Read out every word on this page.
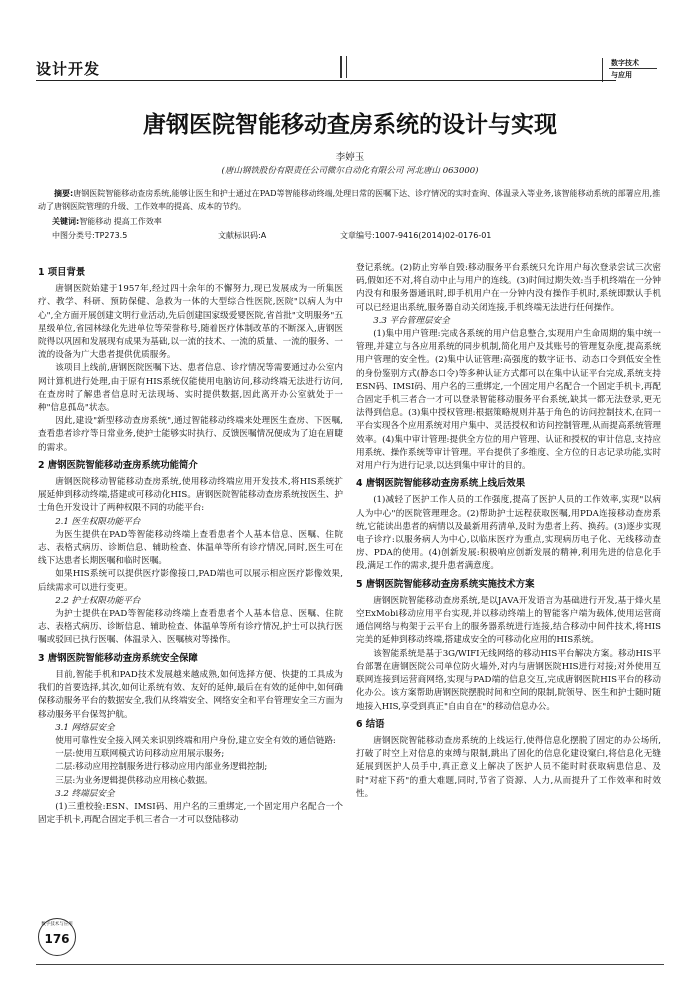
设计开发	数字技术
与应用
唐钢医院智能移动查房系统的设计与实现
李婷玉
(唐山钢铁股份有限责任公司微尔自动化有限公司 河北唐山 063000)
摘要:唐钢医院智能移动查房系统,能够让医生和护士通过在PAD等智能移动终端,处理日常的医嘱下达、诊疗情况的实时查询、体温录入等业务,该智能移动系统的部署应用,推动了唐钢医院管理的升级、工作效率的提高、成本的节约。
关键词:智能移动 提高工作效率
中图分类号:TP273.5	文献标识码:A	文章编号:1007-9416(2014)02-0176-01
1 项目背景

唐钢医院始建于1957年,经过四十余年的不懈努力,现已发展成为一所集医疗、教学、科研、预防保健、急救为一体的大型综合性医院,医院"以病人为中心",全方面开展创建文明行业活动,先后创建国家级爱婴医院,省首批"文明服务"五星级单位,省园林绿化先进单位等荣誉称号,随着医疗体制改革的不断深入,唐钢医院得以巩固和发展现有成果为基础,以一流的技术、一流的质量、一流的服务、一流的设备为广大患者提供优质服务。

该项目上线前,唐钢医院医嘱下达、患者信息、诊疗情况等需要通过办公室内网计算机进行处理,由于原有HIS系统仅能使用电脑访问,移动终端无法进行访问,在查房时了解患者信息时无法现场、实时提供数据,因此离开办公室就处于一种"信息孤岛"状态。

因此,建设"新型移动查房系统",通过智能移动终端来处理医生查房、下医嘱,查看患者诊疗等日常业务,使护士能够实时执行、反馈医嘱情况便成为了迫在眉睫的需求。

2 唐钢医院智能移动查房系统功能简介

唐钢医院移动智能移动查房系统,使用移动终端应用开发技术,将HIS系统扩展延伸到移动终端,搭建或可移动化HIS。唐钢医院智能移动查房系统按医生、护士角色开发设计了两种权限不同的功能平台:

2.1 医生权限功能平台

为医生提供在PAD等智能移动终端上查看患者个人基本信息、医嘱、住院志、表格式病历、诊断信息、辅助检查、体温单等所有诊疗情况,同时,医生可在线下达患者长期医嘱和临时医嘱。

如果HIS系统可以提供医疗影像接口,PAD端也可以展示相应医疗影像效果,后续需求可以进行变更。

2.2 护士权限功能平台

为护士提供在PAD等智能移动终端上查看患者个人基本信息、医嘱、住院志、表格式病历、诊断信息、辅助检查、体温单等所有诊疗情况,护士可以执行医嘱或驳回已执行医嘱、体温录入、医嘱核对等操作。

3 唐钢医院智能移动查房系统安全保障

目前,智能手机和PAD技术发展越来越成熟,如何选择方便、快捷的工具成为我们的首要选择,其次,如何让系统有效、友好的延伸,最后在有效的延伸中,如何确保移动服务平台的数据安全,我们从终端安全、网络安全和平台管理安全三方面为移动服务平台保驾护航。

3.1 网络层安全

使用可靠性安全接入网关来识别终端和用户身份,建立安全有效的通信链路:

一层:使用互联网模式访问移动应用展示服务;

二层:移动应用控制服务进行移动应用内部业务逻辑控制;

三层:为业务逻辑提供移动应用核心数据。

3.2 终端层安全

(1)三重校验:ESN、IMSI码、用户名的三重绑定,一个固定用户名配合一个固定手机卡,再配合固定手机三者合一才可以登陆移动

登记系统。(2)防止穷举自毁:移动服务平台系统只允许用户每次登录尝试三次密码,假如还不对,将自动中止与用户的连线。(3)时间过期失效:当手机终端在一分钟内没有和服务器通讯时,即手机用户在一分钟内没有操作手机时,系统即默认手机可以已经退出系统,服务器自动关闭连接,手机终端无法进行任何操作。

3.3 平台管理层安全

(1)集中用户管理:完成各系统的用户信息整合,实现用户生命周期的集中统一管理,并建立与各应用系统的同步机制,简化用户及其账号的管理复杂度,提高系统用户管理的安全性。(2)集中认证管理:高强度的数字证书、动态口令到低安全性的身份鉴别方式(静态口令)等多种认证方式都可以在集中认证平台完成,系统支持ESN码、IMSI码、用户名的三重绑定,一个固定用户名配合一个固定手机卡,再配合固定手机三者合一才可以登录智能移动服务平台系统,缺其一都无法登录,更无法得到信息。(3)集中授权管理:根据策略规则并基于角色的访问控制技术,在同一平台实现各个应用系统对用户集中、灵活授权和访问控制管理,从而提高系统管理效率。(4)集中审计管理:提供全方位的用户管理、认证和授权的审计信息,支持应用系统、操作系统等审计管理。平台提供了多维度、全方位的日志记录功能,实时对用户行为进行记录,以达到集中审计的目的。

4 唐钢医院智能移动查房系统上线后效果

(1)减轻了医护工作人员的工作强度,提高了医护人员的工作效率,实现"以病人为中心"的医院管理理念。(2)帮助护士远程获取医嘱,用PDA连接移动查房系统,它能读出患者的病情以及最新用药清单,及时为患者上药、换药。(3)逐步实现电子诊疗:以服务病人为中心,以临床医疗为重点,实现病历电子化、无线移动查房、PDA的使用。(4)创新发展:积极响应创新发展的精神,利用先进的信息化手段,满足工作的需求,提升患者满意度。

5 唐钢医院智能移动查房系统实施技术方案

唐钢医院智能移动查房系统,是以JAVA开发语言为基础进行开发,基于烽火星空ExMobi移动应用平台实现,并以移动终端上的智能客户端为载体,使用运营商通信网络与构架于云平台上的服务器系统进行连接,结合移动中间件技术,将HIS完美的延伸到移动终端,搭建成安全的可移动化应用的HIS系统。

该智能系统是基于3G/WIFI无线网络的移动HIS平台解决方案。移动HIS平台部署在唐钢医院公司单位防火墙外,对内与唐钢医院HIS进行对接;对外使用互联网连接到运营商网络,实现与PAD端的信息交互,完成唐钢医院HIS平台的移动化办公。该方案帮助唐钢医院摆脱时间和空间的限制,院领导、医生和护士随时随地接入HIS,享受到真正"自由自在"的移动信息办公。

6 结语

唐钢医院智能移动查房系统的上线运行,使得信息化摆脱了固定的办公场所,打破了时空上对信息的束缚与限制,跳出了固化的信息化建设窠臼,将信息化无缝延展到医护人员手中,真正意义上解决了医护人员不能时时获取病患信息、及时"对症下药"的重大难题,同时,节省了资源、人力,从而提升了工作效率和时效性。

数字技术与应用
176
